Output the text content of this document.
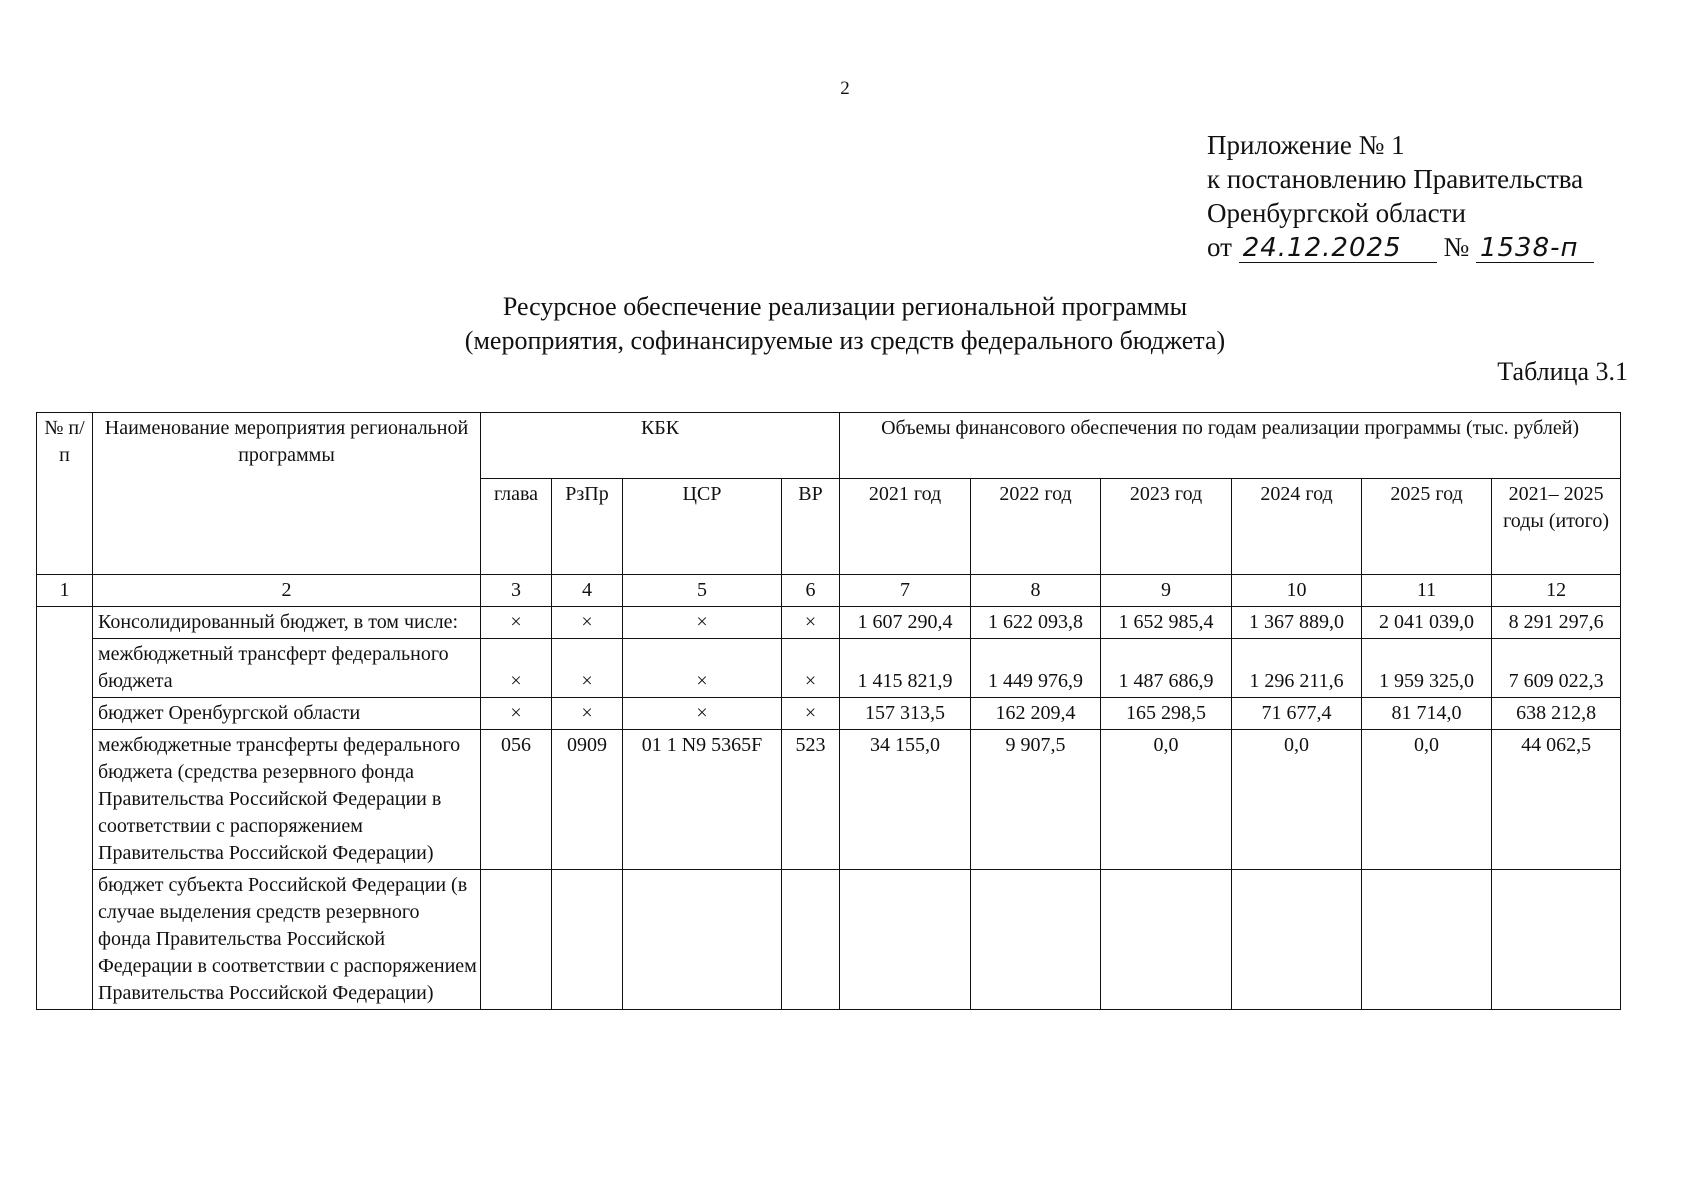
2
Приложение № 1
к постановлению Правительства
Оренбургской области
от 24.12.2025 № 1538-п
Ресурсное обеспечение реализации региональной программы
(мероприятия, софинансируемые из средств федерального бюджета)
Таблица 3.1
№ п/п	Наименование мероприятия региональной программы	КБК				Объемы финансового обеспечения по годам реализации программы (тыс. рублей)					
		глава	РзПр	ЦСР	ВР	2021 год	2022 год	2023 год	2024 год	2025 год	2021– 2025 годы (итого)
1	2	3	4	5	6	7	8	9	10	11	12
	Консолидированный бюджет, в том числе:	×	×	×	×	1 607 290,4	1 622 093,8	1 652 985,4	1 367 889,0	2 041 039,0	8 291 297,6
	межбюджетный трансферт федерального бюджета	×	×	×	×	1 415 821,9	1 449 976,9	1 487 686,9	1 296 211,6	1 959 325,0	7 609 022,3
	бюджет Оренбургской области	×	×	×	×	157 313,5	162 209,4	165 298,5	71 677,4	81 714,0	638 212,8
	межбюджетные трансферты федерального бюджета (средства резервного фонда Правительства Российской Федерации в соответствии с распоряжением Правительства Российской Федерации)	056	0909	01 1 N9 5365F	523	34 155,0	9 907,5	0,0	0,0	0,0	44 062,5
	бюджет субъекта Российской Федерации (в случае выделения средств резервного фонда Правительства Российской Федерации в соответствии с распоряжением Правительства Российской Федерации)										
